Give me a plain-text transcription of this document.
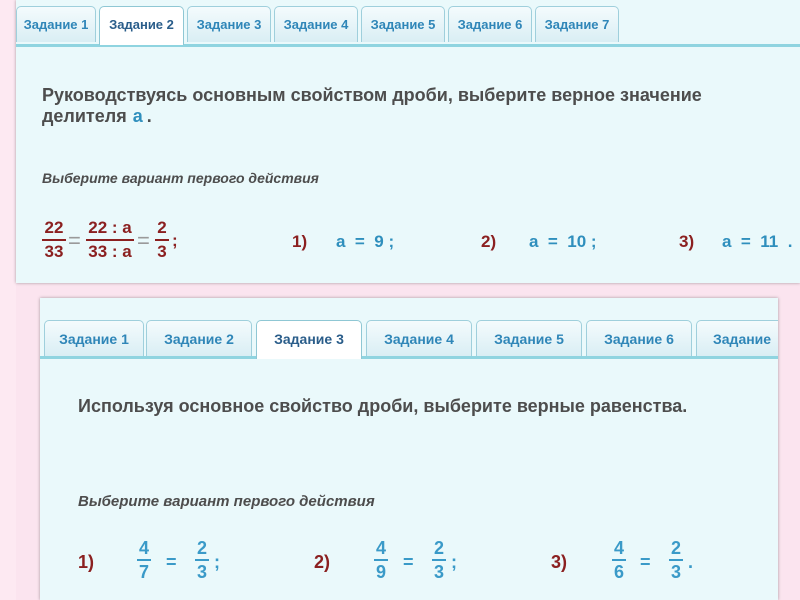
Задание 1	Задание 2	Задание 3	Задание 4	Задание 5	Задание 6	Задание 7
Руководствуясь основным свойством дроби, выберите верное значение делителя а .
Выберите вариант первого действия
22
33 =
22 : а
33 : а =
2
3
;	1) а  =  9 ;	2) а  =  10 ;	3) а  =  11  .
Задание 1	Задание 2	Задание 3	Задание 4	Задание 5	Задание 6	Задание
Используя основное свойство дроби, выберите верные равенства.
Выберите вариант первого действия
1)
4
7 =
2
3 ;	2)
4
9 =
2
3 ;	3)
4
6 =
2
3 .
